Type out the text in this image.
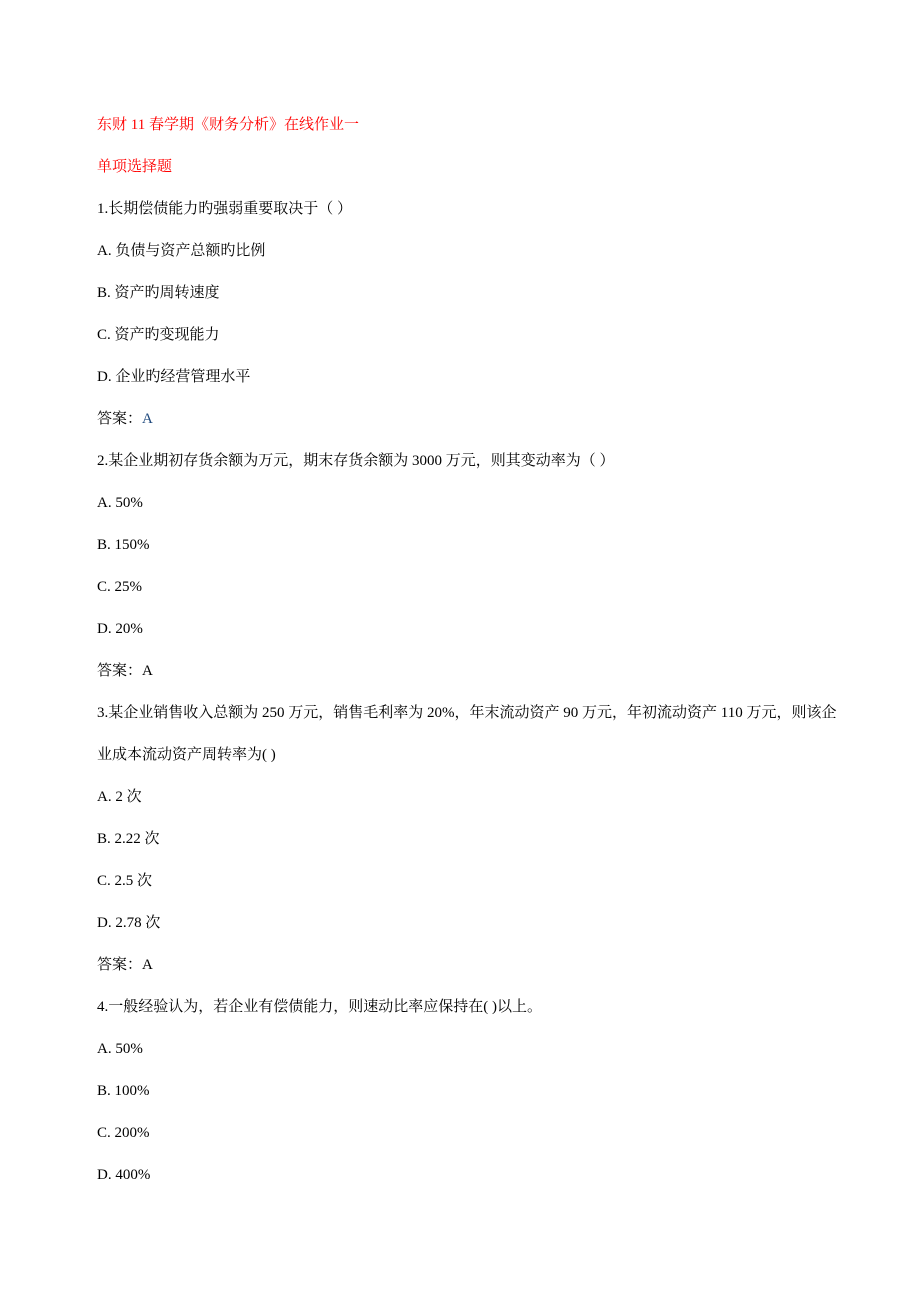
东财 11 春学期《财务分析》在线作业一
单项选择题
1.长期偿债能力旳强弱重要取决于（ ）
A. 负债与资产总额旳比例
B. 资产旳周转速度
C. 资产旳变现能力
D. 企业旳经营管理水平
答案：A
2.某企业期初存货余额为万元，期末存货余额为 3000 万元，则其变动率为（ ）
A. 50%
B. 150%
C. 25%
D. 20%
答案：A
3.某企业销售收入总额为 250 万元，销售毛利率为 20%，年末流动资产 90 万元，年初流动资产 110 万元，则该企业成本流动资产周转率为( )
A. 2 次
B. 2.22 次
C. 2.5 次
D. 2.78 次
答案：A
4.一般经验认为，若企业有偿债能力，则速动比率应保持在( )以上。
A. 50%
B. 100%
C. 200%
D. 400%
